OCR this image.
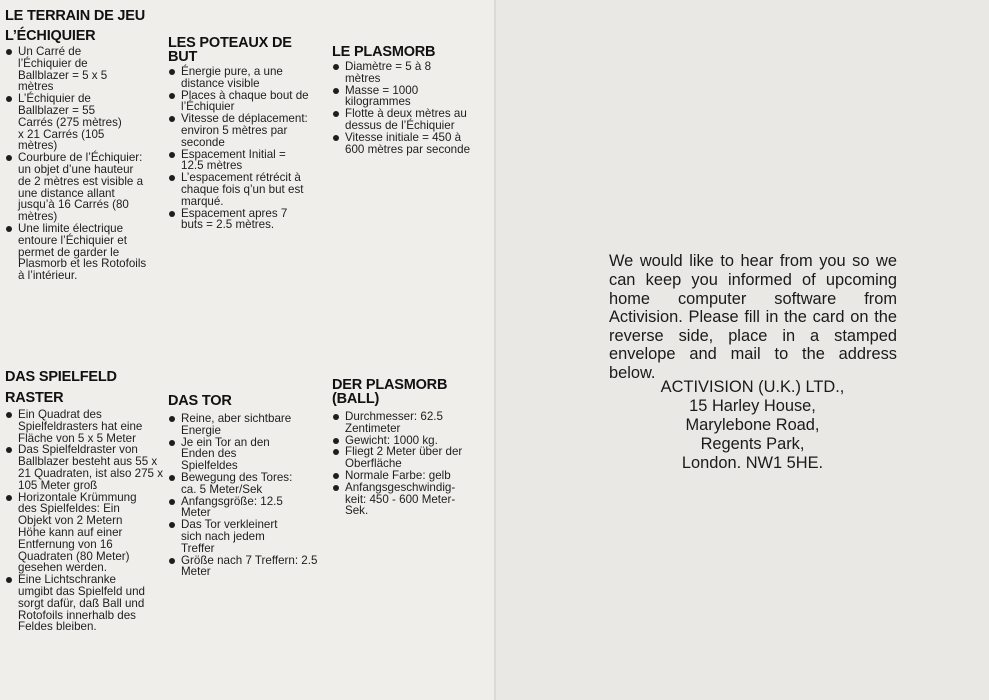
LE TERRAIN DE JEU
L’ÉCHIQUIER
Un Carré de l’Échiquier de Ballblazer = 5 x 5 mètres
L’Échiquier de Ballblazer = 55 Carrés (275 mètres) x 21 Carrés (105 mètres)
Courbure de l’Échiquier: un objet d’une hauteur de 2 mètres est visible a une distance allant jusqu’à 16 Carrés (80 mètres)
Une limite électrique entoure l’Échiquier et permet de garder le Plasmorb et les Rotofoils à l’intérieur.
LES POTEAUX DE BUT
Énergie pure, a une distance visible
Places à chaque bout de l’Échiquier
Vitesse de déplacement: environ 5 mètres par seconde
Espacement Initial = 12.5 mètres
L’espacement rétrécit à chaque fois q’un but est marqué.
Espacement apres 7 buts = 2.5 mètres.
LE PLASMORB
Diamètre = 5 à 8 mètres
Masse = 1000 kilogrammes
Flotte à deux mètres au dessus de l’Échiquier
Vitesse initiale = 450 à 600 mètres par seconde
DAS SPIELFELD
RASTER
Ein Quadrat des Spielfeldrasters hat eine Fläche von 5 x 5 Meter
Das Spielfeldraster von Ballblazer besteht aus 55 x 21 Quadraten, ist also 275 x 105 Meter groß
Horizontale Krümmung des Spielfeldes: Ein Objekt von 2 Metern Höhe kann auf einer Entfernung von 16 Quadraten (80 Meter) gesehen werden.
Eine Lichtschranke umgibt das Spielfeld und sorgt dafür, daß Ball und Rotofoils innerhalb des Feldes bleiben.
DAS TOR
Reine, aber sichtbare Energie
Je ein Tor an den Enden des Spielfeldes
Bewegung des Tores: ca. 5 Meter/Sek
Anfangsgröße: 12.5 Meter
Das Tor verkleinert sich nach jedem Treffer
Größe nach 7 Treffern: 2.5 Meter
DER PLASMORB (BALL)
Durchmesser: 62.5 Zentimeter
Gewicht: 1000 kg.
Fliegt 2 Meter über der Oberfläche
Normale Farbe: gelb
Anfangsgeschwindig-keit: 450 - 600 Meter-Sek.

We would like to hear from you so we can keep you informed of upcoming home computer software from Activision. Please fill in the card on the reverse side, place in a stamped envelope and mail to the address below.

ACTIVISION (U.K.) LTD.,
15 Harley House,
Marylebone Road,
Regents Park,
London. NW1 5HE.
